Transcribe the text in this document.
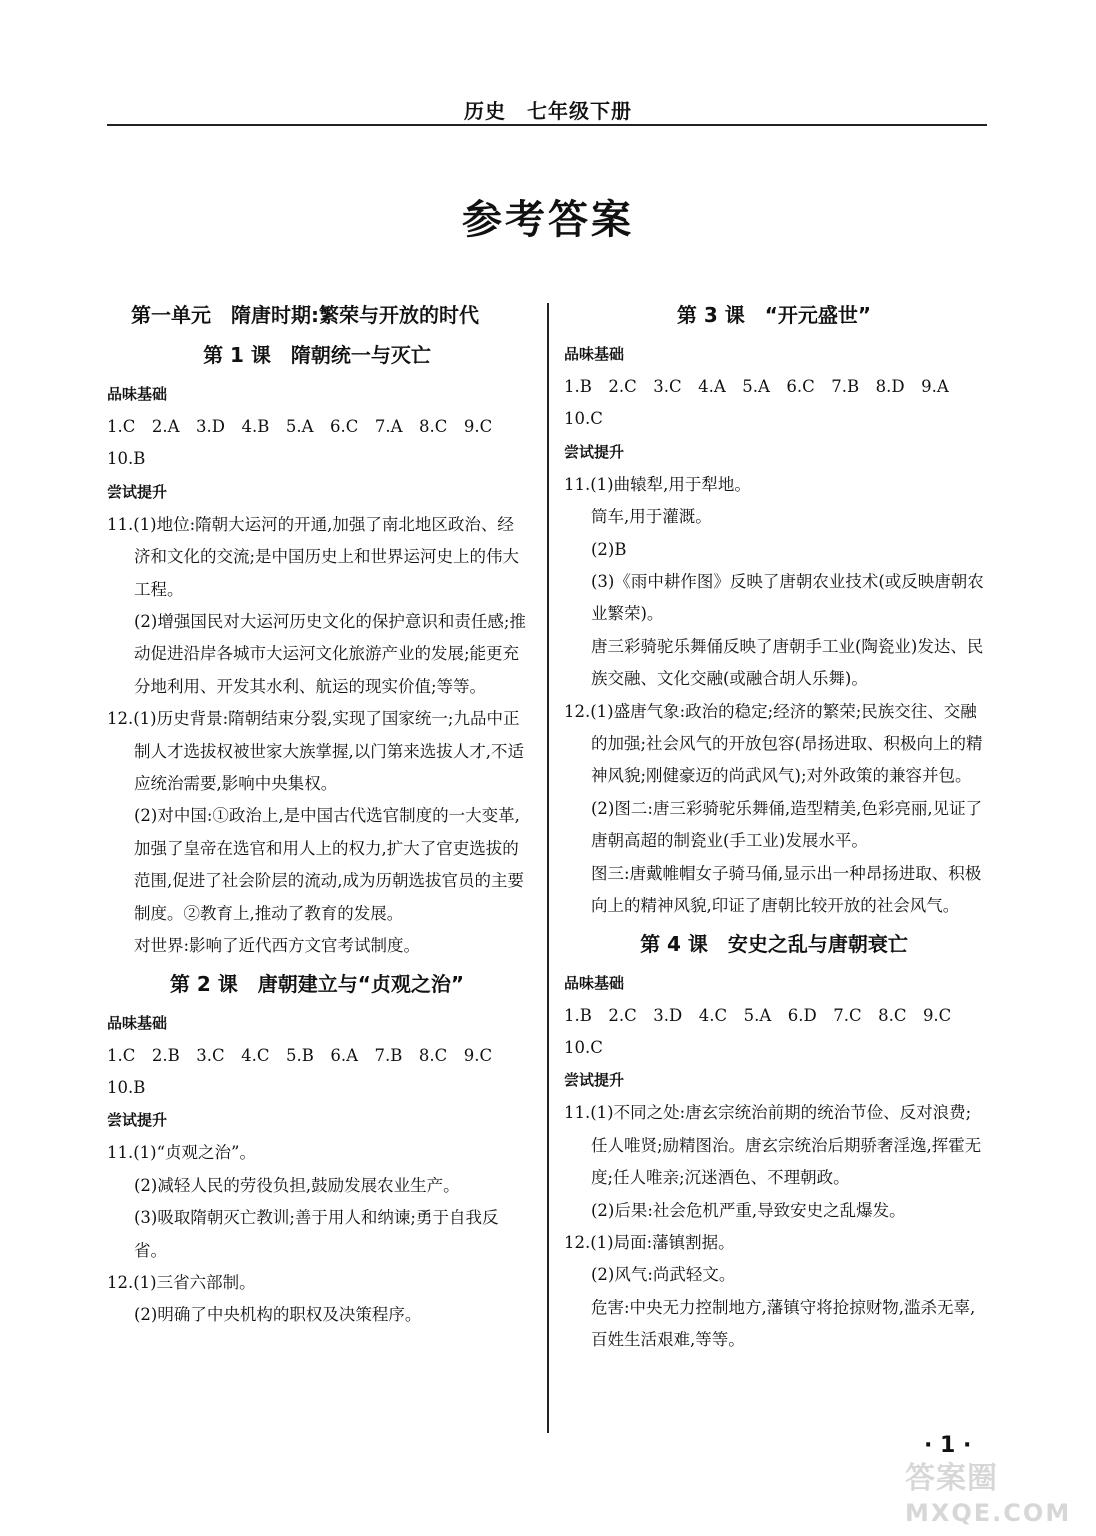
历史　七年级下册
参考答案
第一单元　隋唐时期:繁荣与开放的时代
第 1 课　隋朝统一与灭亡
品味基础
1.C　2.A　3.D　4.B　5.A　6.C　7.A　8.C　9.C
10.B
尝试提升
11.(1)地位:隋朝大运河的开通,加强了南北地区政治、经济和文化的交流;是中国历史上和世界运河史上的伟大工程。
(2)增强国民对大运河历史文化的保护意识和责任感;推动促进沿岸各城市大运河文化旅游产业的发展;能更充分地利用、开发其水利、航运的现实价值;等等。
12.(1)历史背景:隋朝结束分裂,实现了国家统一;九品中正制人才选拔权被世家大族掌握,以门第来选拔人才,不适应统治需要,影响中央集权。
(2)对中国:①政治上,是中国古代选官制度的一大变革,加强了皇帝在选官和用人上的权力,扩大了官吏选拔的范围,促进了社会阶层的流动,成为历朝选拔官员的主要制度。②教育上,推动了教育的发展。
对世界:影响了近代西方文官考试制度。
第 2 课　唐朝建立与“贞观之治”
品味基础
1.C　2.B　3.C　4.C　5.B　6.A　7.B　8.C　9.C
10.B
尝试提升
11.(1)“贞观之治”。
(2)减轻人民的劳役负担,鼓励发展农业生产。
(3)吸取隋朝灭亡教训;善于用人和纳谏;勇于自我反省。
12.(1)三省六部制。
(2)明确了中央机构的职权及决策程序。
第 3 课　“开元盛世”
品味基础
1.B　2.C　3.C　4.A　5.A　6.C　7.B　8.D　9.A
10.C
尝试提升
11.(1)曲辕犁,用于犁地。
筒车,用于灌溉。
(2)B
(3)《雨中耕作图》反映了唐朝农业技术(或反映唐朝农业繁荣)。
唐三彩骑驼乐舞俑反映了唐朝手工业(陶瓷业)发达、民族交融、文化交融(或融合胡人乐舞)。
12.(1)盛唐气象:政治的稳定;经济的繁荣;民族交往、交融的加强;社会风气的开放包容(昂扬进取、积极向上的精神风貌;刚健豪迈的尚武风气);对外政策的兼容并包。
(2)图二:唐三彩骑驼乐舞俑,造型精美,色彩亮丽,见证了唐朝高超的制瓷业(手工业)发展水平。
图三:唐戴帷帽女子骑马俑,显示出一种昂扬进取、积极向上的精神风貌,印证了唐朝比较开放的社会风气。
第 4 课　安史之乱与唐朝衰亡
品味基础
1.B　2.C　3.D　4.C　5.A　6.D　7.C　8.C　9.C
10.C
尝试提升
11.(1)不同之处:唐玄宗统治前期的统治节俭、反对浪费;任人唯贤;励精图治。唐玄宗统治后期骄奢淫逸,挥霍无度;任人唯亲;沉迷酒色、不理朝政。
(2)后果:社会危机严重,导致安史之乱爆发。
12.(1)局面:藩镇割据。
(2)风气:尚武轻文。
危害:中央无力控制地方,藩镇守将抢掠财物,滥杀无辜,百姓生活艰难,等等。
· 1 ·
答案圈
MXQE.COM
